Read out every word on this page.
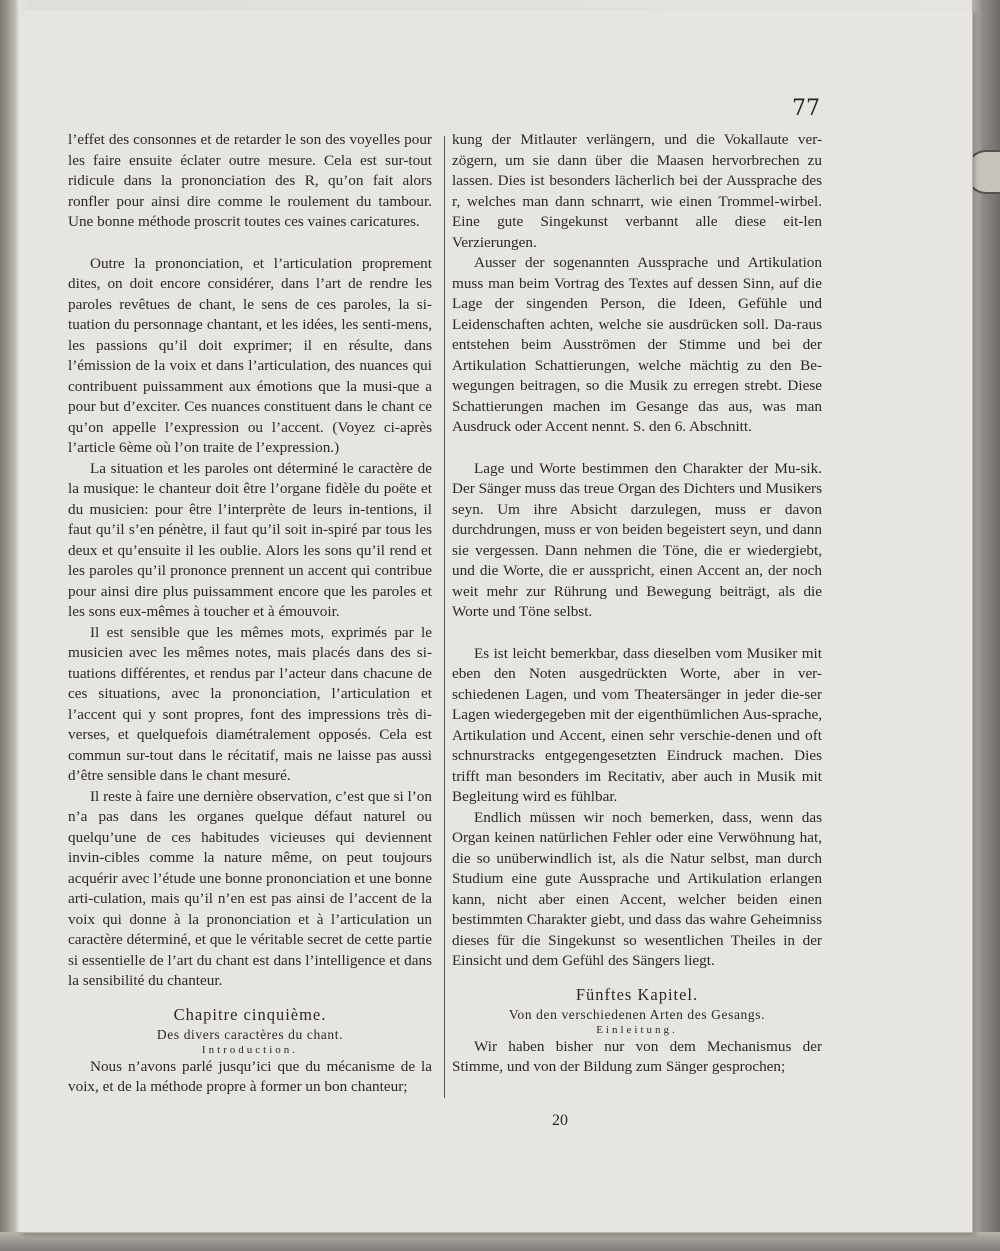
77

l’effet des consonnes et de retarder le son des voyelles pour les faire ensuite éclater outre mesure. Cela est sur-tout ridicule dans la prononciation des R, qu’on fait alors ronfler pour ainsi dire comme le roulement du tambour. Une bonne méthode proscrit toutes ces vaines caricatures.

Outre la prononciation, et l’articulation proprement dites, on doit encore considérer, dans l’art de rendre les paroles revêtues de chant, le sens de ces paroles, la si-tuation du personnage chantant, et les idées, les senti-mens, les passions qu’il doit exprimer; il en résulte, dans l’émission de la voix et dans l’articulation, des nuances qui contribuent puissamment aux émotions que la musi-que a pour but d’exciter. Ces nuances constituent dans le chant ce qu’on appelle l’expression ou l’accent. (Voyez ci-après l’article 6ème où l’on traite de l’expression.)

La situation et les paroles ont déterminé le caractère de la musique: le chanteur doit être l’organe fidèle du poëte et du musicien: pour être l’interprète de leurs in-tentions, il faut qu’il s’en pénètre, il faut qu’il soit in-spiré par tous les deux et qu’ensuite il les oublie. Alors les sons qu’il rend et les paroles qu’il prononce prennent un accent qui contribue pour ainsi dire plus puissamment encore que les paroles et les sons eux-mêmes à toucher et à émouvoir.

Il est sensible que les mêmes mots, exprimés par le musicien avec les mêmes notes, mais placés dans des si-tuations différentes, et rendus par l’acteur dans chacune de ces situations, avec la prononciation, l’articulation et l’accent qui y sont propres, font des impressions très di-verses, et quelquefois diamétralement opposés. Cela est commun sur-tout dans le récitatif, mais ne laisse pas aussi d’être sensible dans le chant mesuré.

Il reste à faire une dernière observation, c’est que si l’on n’a pas dans les organes quelque défaut naturel ou quelqu’une de ces habitudes vicieuses qui deviennent invin-cibles comme la nature même, on peut toujours acquérir avec l’étude une bonne prononciation et une bonne arti-culation, mais qu’il n’en est pas ainsi de l’accent de la voix qui donne à la prononciation et à l’articulation un caractère déterminé, et que le véritable secret de cette partie si essentielle de l’art du chant est dans l’intelligence et dans la sensibilité du chanteur.

Chapitre cinquième.
Des divers caractères du chant.
Introduction.

Nous n’avons parlé jusqu’ici que du mécanisme de la voix, et de la méthode propre à former un bon chanteur;

kung der Mitlauter verlängern, und die Vokallaute ver-zögern, um sie dann über die Maasen hervorbrechen zu lassen. Dies ist besonders lächerlich bei der Aussprache des r, welches man dann schnarrt, wie einen Trommel-wirbel. Eine gute Singekunst verbannt alle diese eit-len Verzierungen.

Ausser der sogenannten Aussprache und Artikulation muss man beim Vortrag des Textes auf dessen Sinn, auf die Lage der singenden Person, die Ideen, Gefühle und Leidenschaften achten, welche sie ausdrücken soll. Da-raus entstehen beim Ausströmen der Stimme und bei der Artikulation Schattierungen, welche mächtig zu den Be-wegungen beitragen, so die Musik zu erregen strebt. Diese Schattierungen machen im Gesange das aus, was man Ausdruck oder Accent nennt. S. den 6. Abschnitt.

Lage und Worte bestimmen den Charakter der Mu-sik. Der Sänger muss das treue Organ des Dichters und Musikers seyn. Um ihre Absicht darzulegen, muss er davon durchdrungen, muss er von beiden begeistert seyn, und dann sie vergessen. Dann nehmen die Töne, die er wiedergiebt, und die Worte, die er ausspricht, einen Accent an, der noch weit mehr zur Rührung und Bewegung beiträgt, als die Worte und Töne selbst.

Es ist leicht bemerkbar, dass dieselben vom Musiker mit eben den Noten ausgedrückten Worte, aber in ver-schiedenen Lagen, und vom Theatersänger in jeder die-ser Lagen wiedergegeben mit der eigenthümlichen Aus-sprache, Artikulation und Accent, einen sehr verschie-denen und oft schnurstracks entgegengesetzten Eindruck machen. Dies trifft man besonders im Recitativ, aber auch in Musik mit Begleitung wird es fühlbar.

Endlich müssen wir noch bemerken, dass, wenn das Organ keinen natürlichen Fehler oder eine Verwöhnung hat, die so unüberwindlich ist, als die Natur selbst, man durch Studium eine gute Aussprache und Artikulation erlangen kann, nicht aber einen Accent, welcher beiden einen bestimmten Charakter giebt, und dass das wahre Geheimniss dieses für die Singekunst so wesentlichen Theiles in der Einsicht und dem Gefühl des Sängers liegt.

Fünftes Kapitel.
Von den verschiedenen Arten des Gesangs.
Einleitung.

Wir haben bisher nur von dem Mechanismus der Stimme, und von der Bildung zum Sänger gesprochen;

20
